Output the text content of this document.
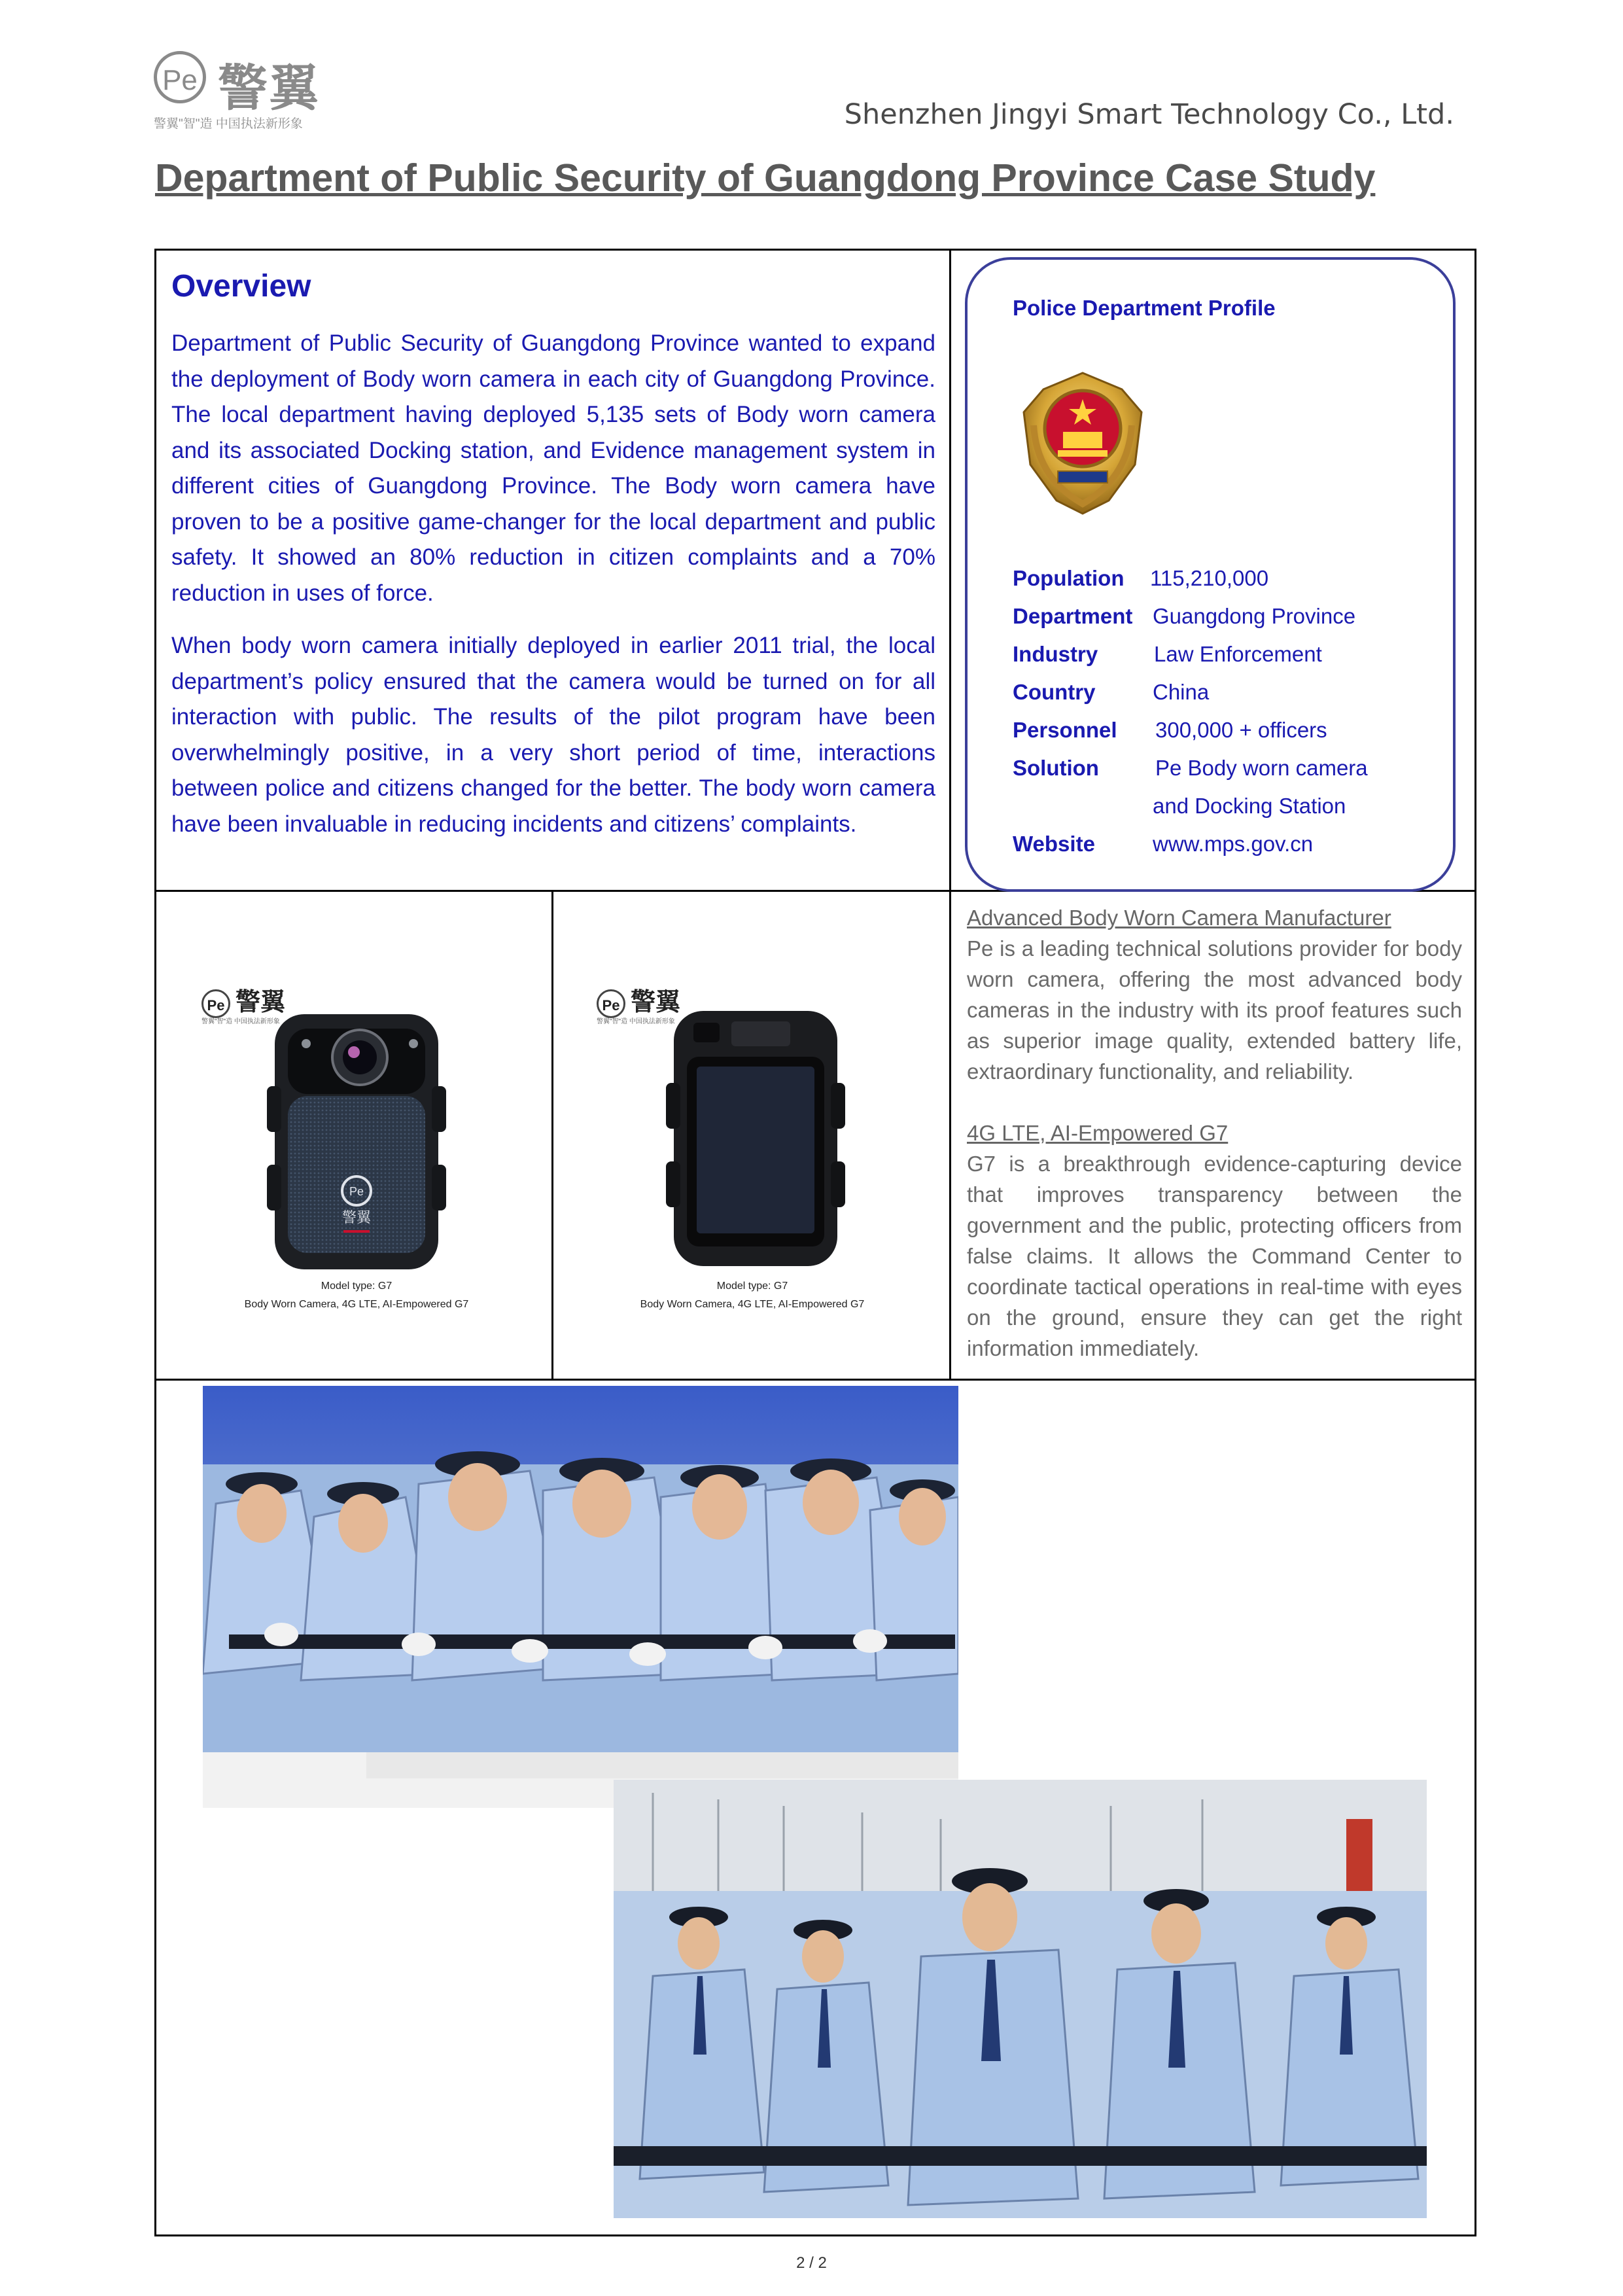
Pe 警翼
警翼"智"造 中国执法新形象	Shenzhen Jingyi Smart Technology Co., Ltd.
Department of Public Security of Guangdong Province Case Study
Overview
Department of Public Security of Guangdong Province wanted to expand the deployment of Body worn camera in each city of Guangdong Province. The local department having deployed 5,135 sets of Body worn camera and its associated Docking station, and Evidence management system in different cities of Guangdong Province. The Body worn camera have proven to be a positive game-changer for the local department and public safety. It showed an 80% reduction in citizen complaints and a 70% reduction in uses of force.
When body worn camera initially deployed in earlier 2011 trial, the local department’s policy ensured that the camera would be turned on for all interaction with public. The results of the pilot program have been overwhelmingly positive, in a very short period of time, interactions between police and citizens changed for the better. The body worn camera have been invaluable in reducing incidents and citizens’ complaints.
Police Department Profile
Population 115,210,000
Department Guangdong Province
Industry	Law Enforcement
Country	China
Personnel 300,000 + officers
Solution	Pe Body worn camera
and Docking Station
Website	www.mps.gov.cn
Pe 警翼
警翼"智"造 中国执法新形象
Pe
警翼
Model type: G7
Body Worn Camera, 4G LTE, AI-Empowered G7
Pe 警翼
警翼"智"造 中国执法新形象
Model type: G7
Body Worn Camera, 4G LTE, AI-Empowered G7
Advanced Body Worn Camera Manufacturer
Pe is a leading technical solutions provider for body worn camera, offering the most advanced body cameras in the industry with its proof features such as superior image quality, extended battery life, extraordinary functionality, and reliability.
4G LTE, AI-Empowered G7
G7 is a breakthrough evidence-capturing device that improves transparency between the government and the public, protecting officers from false claims. It allows the Command Center to coordinate tactical operations in real-time with eyes on the ground, ensure they can get the right information immediately.
2 / 2
